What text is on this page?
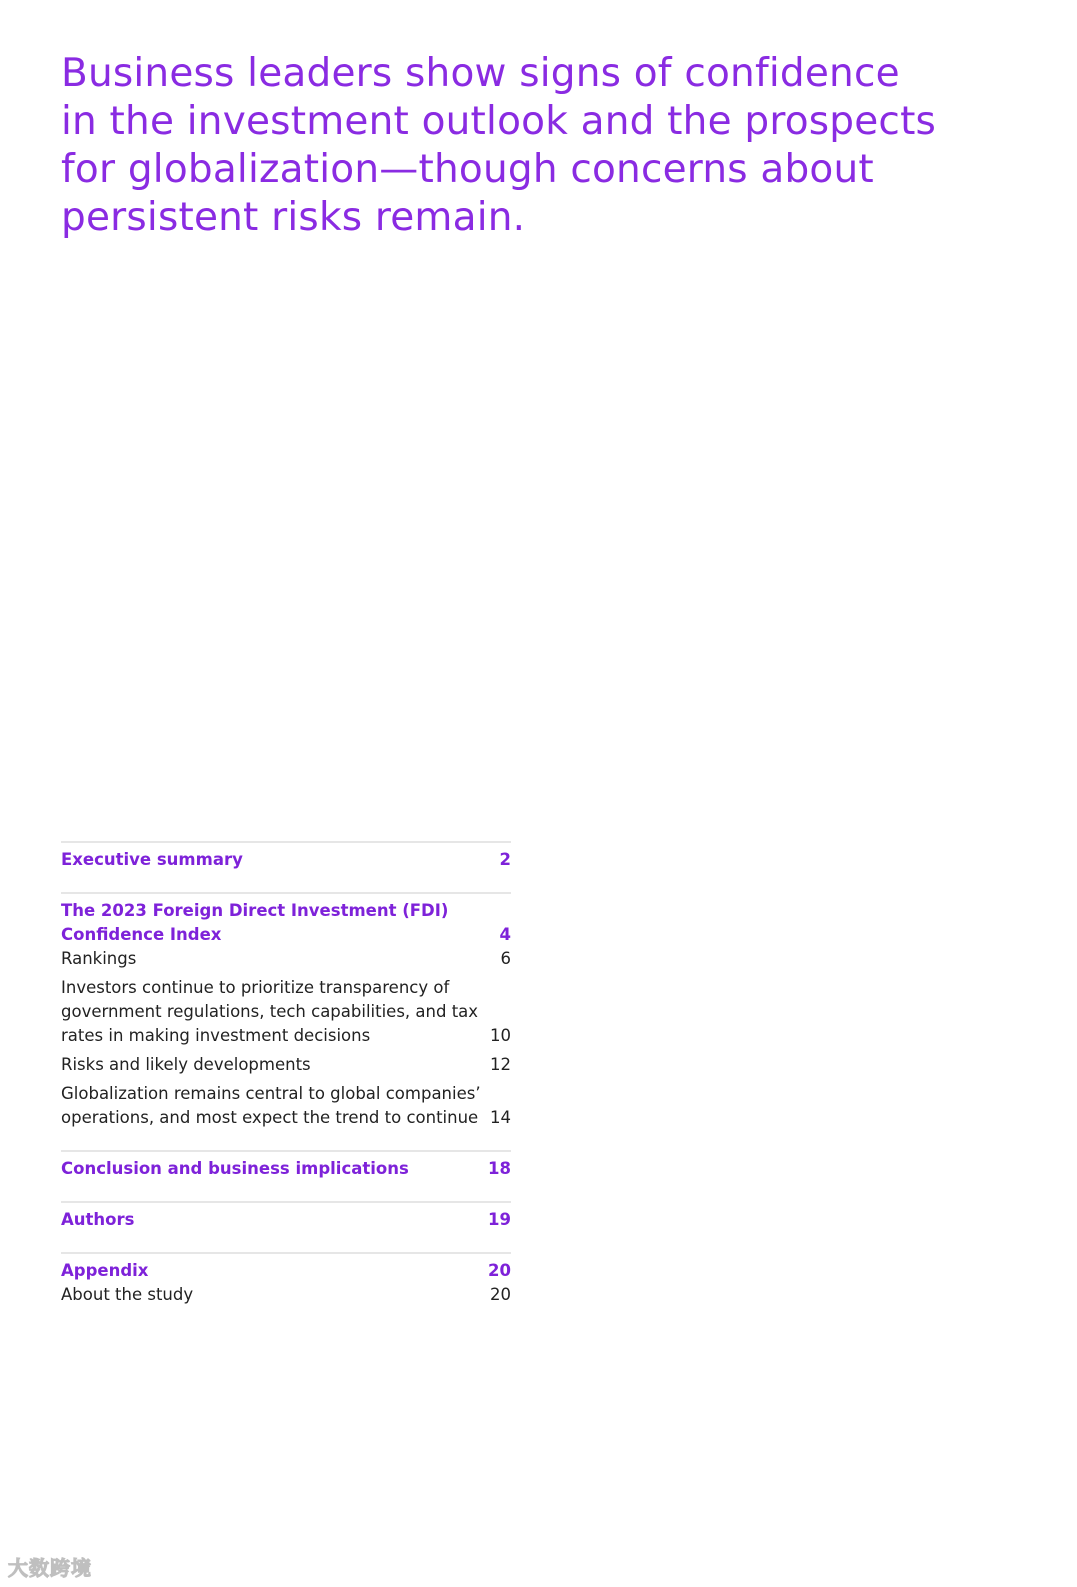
Business leaders show signs of confidence
in the investment outlook and the prospects
for globalization—though concerns about
persistent risks remain.
Executive summary	2
The 2023 Foreign Direct Investment (FDI)
Confidence Index	4
Rankings	6
Investors continue to prioritize transparency of government regulations, tech capabilities, and tax rates in making investment decisions	10
Risks and likely developments	12
Globalization remains central to global companies’ operations, and most expect the trend to continue 14
Conclusion and business implications	18
Authors	19
Appendix	20
About the study	20
大数跨境
